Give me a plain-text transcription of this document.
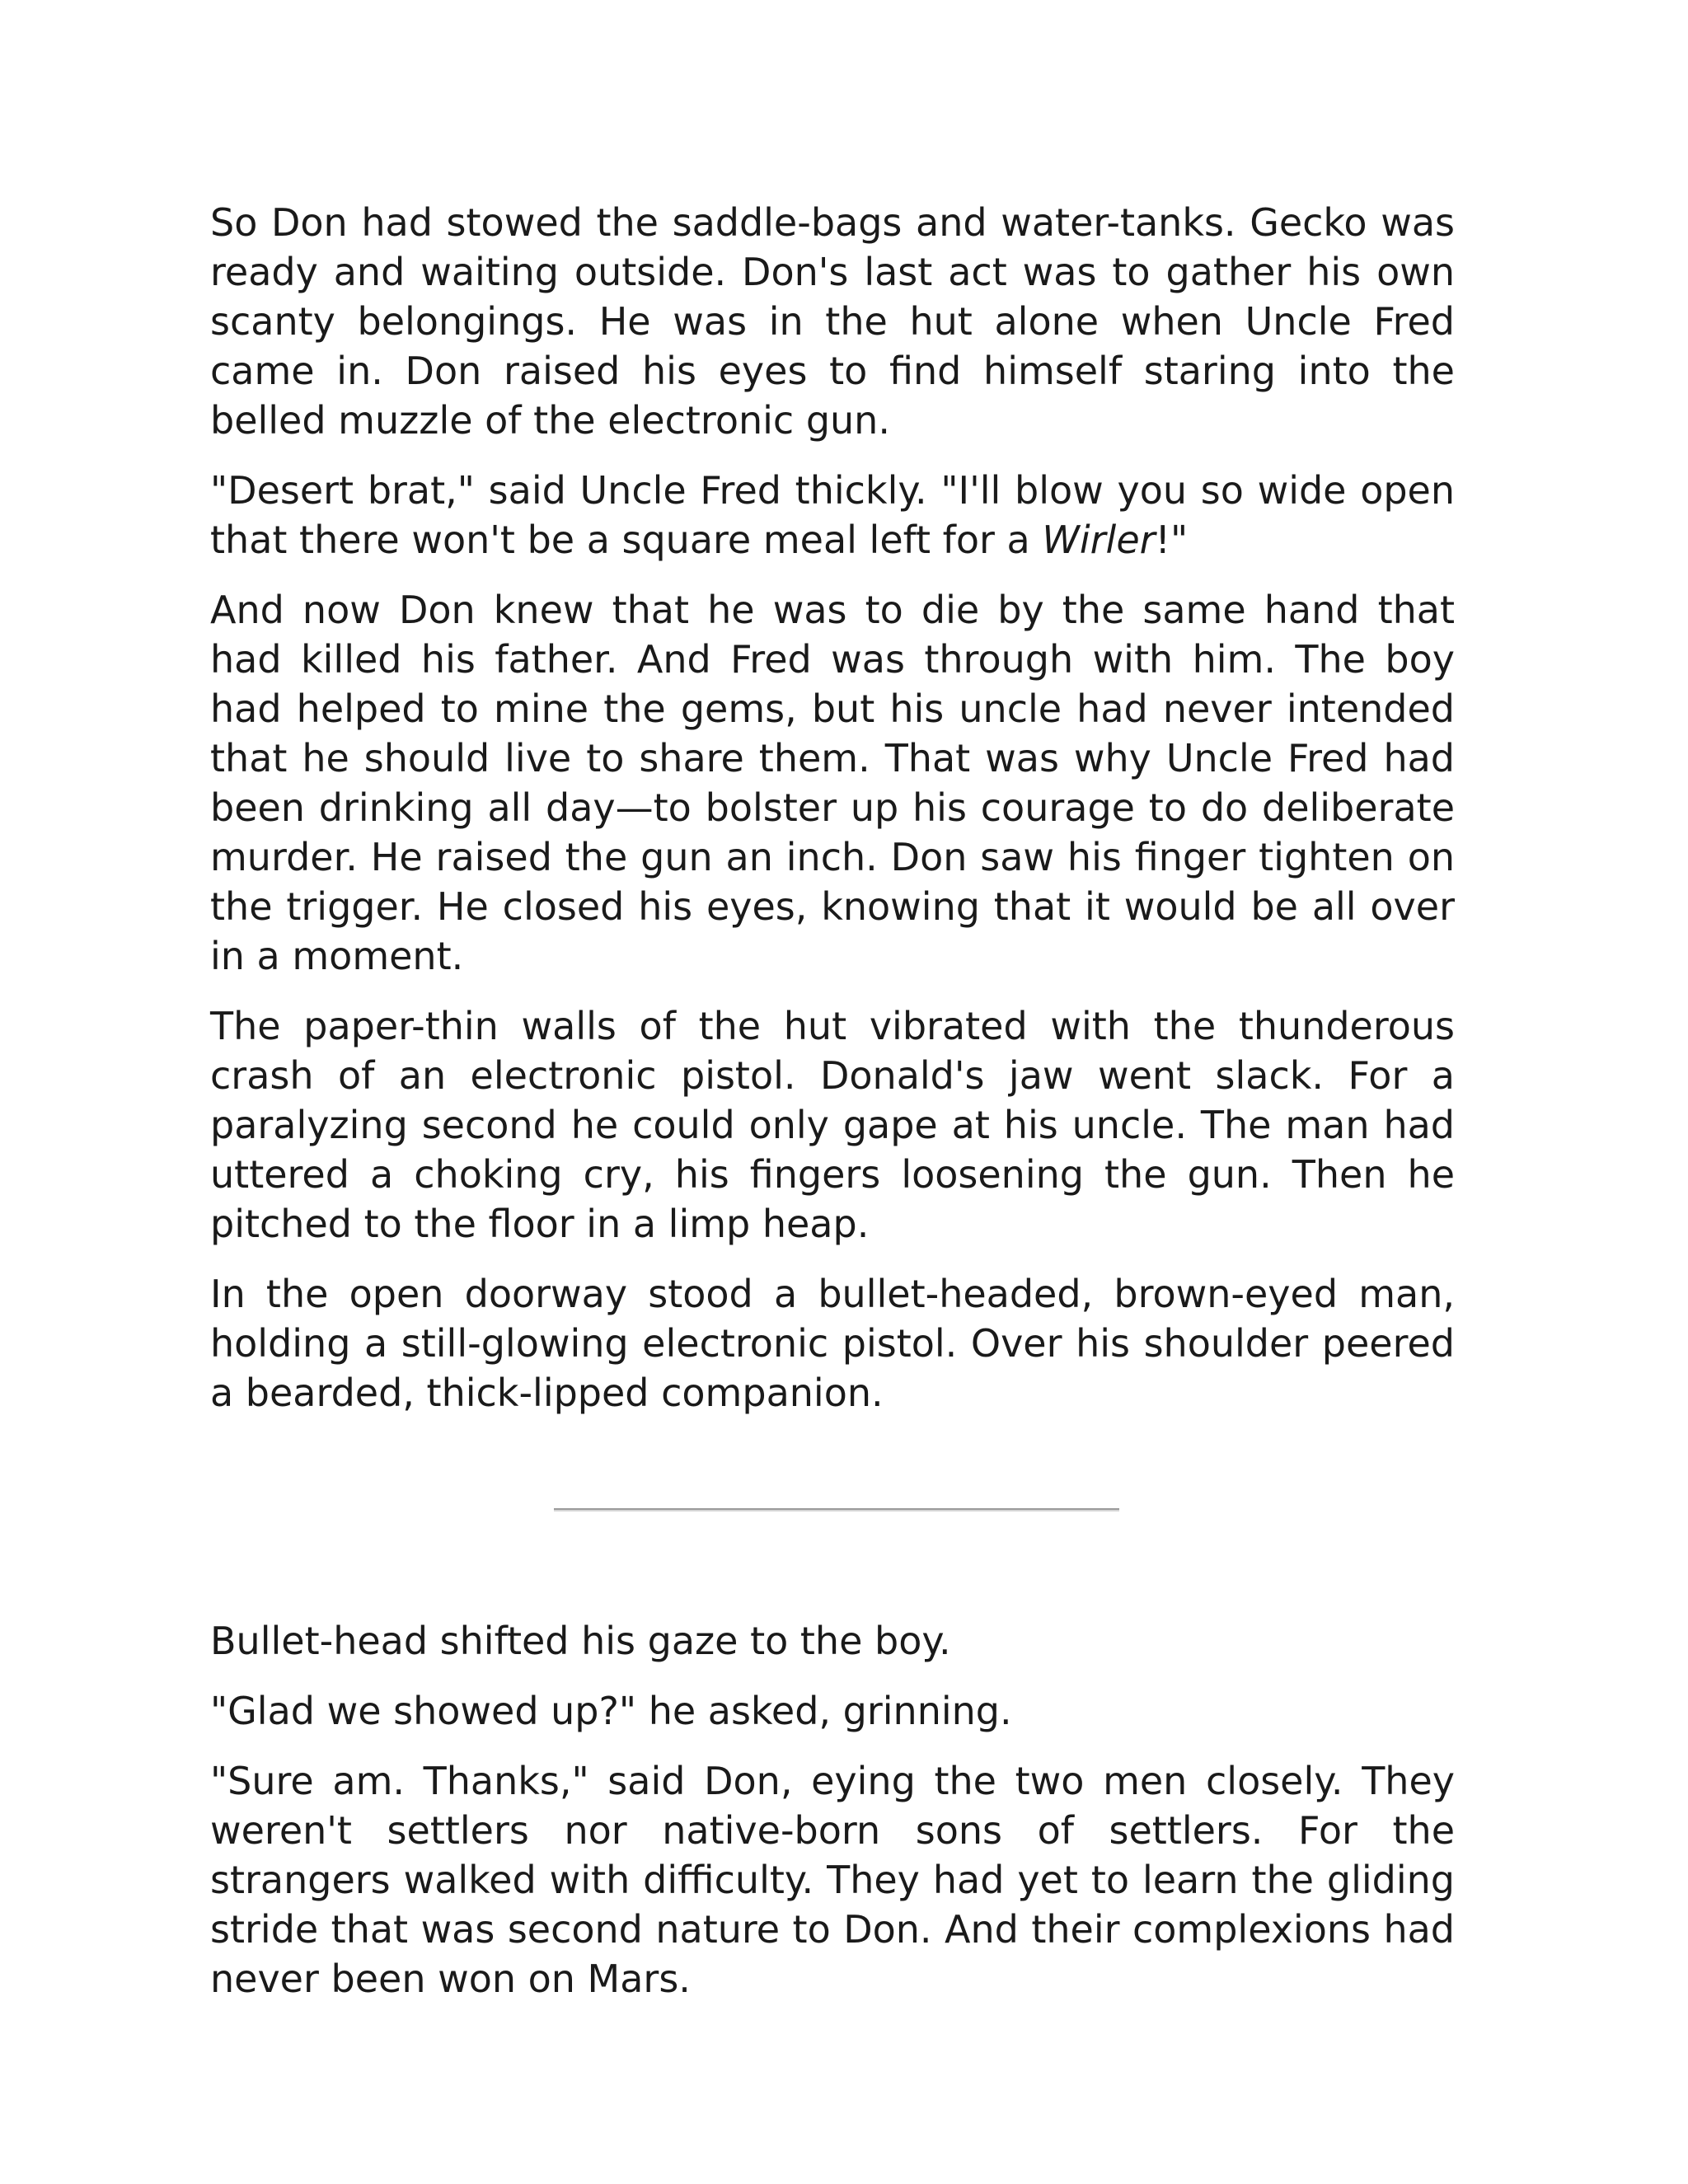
So Don had stowed the saddle-bags and water-tanks. Gecko was ready and waiting outside. Don's last act was to gather his own scanty belongings. He was in the hut alone when Uncle Fred came in. Don raised his eyes to find himself staring into the belled muzzle of the electronic gun.

"Desert brat," said Uncle Fred thickly. "I'll blow you so wide open that there won't be a square meal left for a Wirler!"

And now Don knew that he was to die by the same hand that had killed his father. And Fred was through with him. The boy had helped to mine the gems, but his uncle had never intended that he should live to share them. That was why Uncle Fred had been drinking all day—to bolster up his courage to do deliberate murder. He raised the gun an inch. Don saw his finger tighten on the trigger. He closed his eyes, knowing that it would be all over in a moment.

The paper-thin walls of the hut vibrated with the thunderous crash of an electronic pistol. Donald's jaw went slack. For a paralyzing second he could only gape at his uncle. The man had uttered a choking cry, his fingers loosening the gun. Then he pitched to the floor in a limp heap.

In the open doorway stood a bullet-headed, brown-eyed man, holding a still-glowing electronic pistol. Over his shoulder peered a bearded, thick-lipped companion.

Bullet-head shifted his gaze to the boy.

"Glad we showed up?" he asked, grinning.

"Sure am. Thanks," said Don, eying the two men closely. They weren't settlers nor native-born sons of settlers. For the strangers walked with difficulty. They had yet to learn the gliding stride that was second nature to Don. And their complexions had never been won on Mars.
